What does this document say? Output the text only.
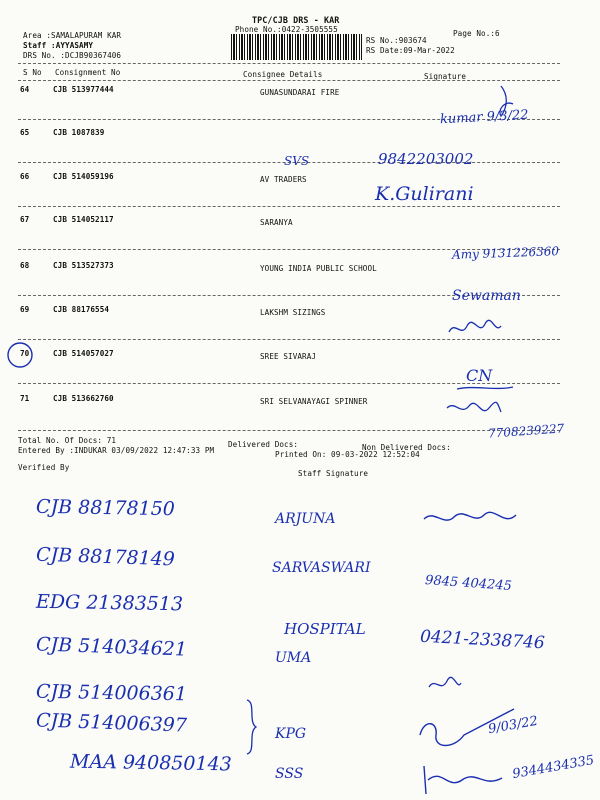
TPC/CJB DRS - KAR
Phone No.:0422-3505555	Page No.:6
Area :SAMALAPURAM KAR
Staff :AYYASAMY
DRS No. :DCJB90367406
RS No.:903674
RS Date:09-Mar-2022
S No Consignment No	Consignee Details	Signature
64	CJB 513977444	GUNASUNDARAI FIRE
65	CJB 1087839
66	CJB 514059196	AV TRADERS
67	CJB 514052117	SARANYA
68	CJB 513527373	YOUNG INDIA PUBLIC SCHOOL
69	CJB 88176554	LAKSHM SIZINGS
70	CJB 514057027	SREE SIVARAJ
71	CJB 513662760	SRI SELVANAYAGI SPINNER
Total No. Of Docs: 71	Delivered Docs:	Non Delivered Docs:
Entered By :INDUKAR 03/09/2022 12:47:33 PM	Printed On: 09-03-2022 12:52:04
Verified By
Staff Signature
kumar 9/3/22
SVS	9842203002
K.Gulirani
Amy 9131226360
Sewaman
CN
7708239227
CJB 88178150	ARJUNA
CJB 88178149	SARVASWARI
9845 404245
EDG 21383513
HOSPITAL	0421-2338746
CJB 514034621	UMA
CJB 514006361
CJB 514006397	KPG	9/03/22
MAA 940850143	SSS	9344434335
